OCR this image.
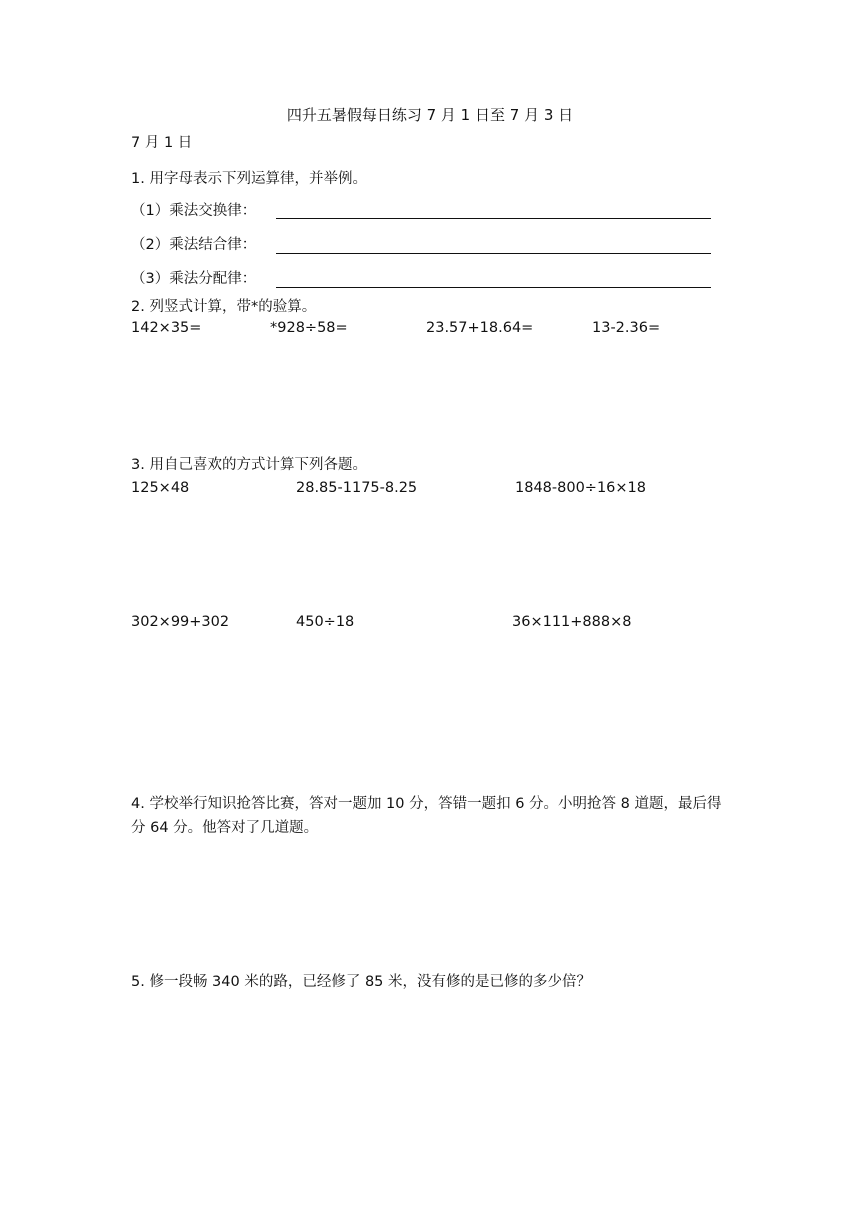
四升五暑假每日练习 7 月 1 日至 7 月 3 日
7 月 1 日
1. 用字母表示下列运算律，并举例。
（1）乘法交换律：
（2）乘法结合律：
（3）乘法分配律：
2. 列竖式计算，带*的验算。
142×35=	*928÷58=	23.57+18.64=	13-2.36=
3. 用自己喜欢的方式计算下列各题。
125×48	28.85-1175-8.25	1848-800÷16×18
302×99+302	450÷18	36×111+888×8
4. 学校举行知识抢答比赛，答对一题加 10 分，答错一题扣 6 分。小明抢答 8 道题，最后得分 64 分。他答对了几道题。
5. 修一段畅 340 米的路，已经修了 85 米，没有修的是已修的多少倍？
